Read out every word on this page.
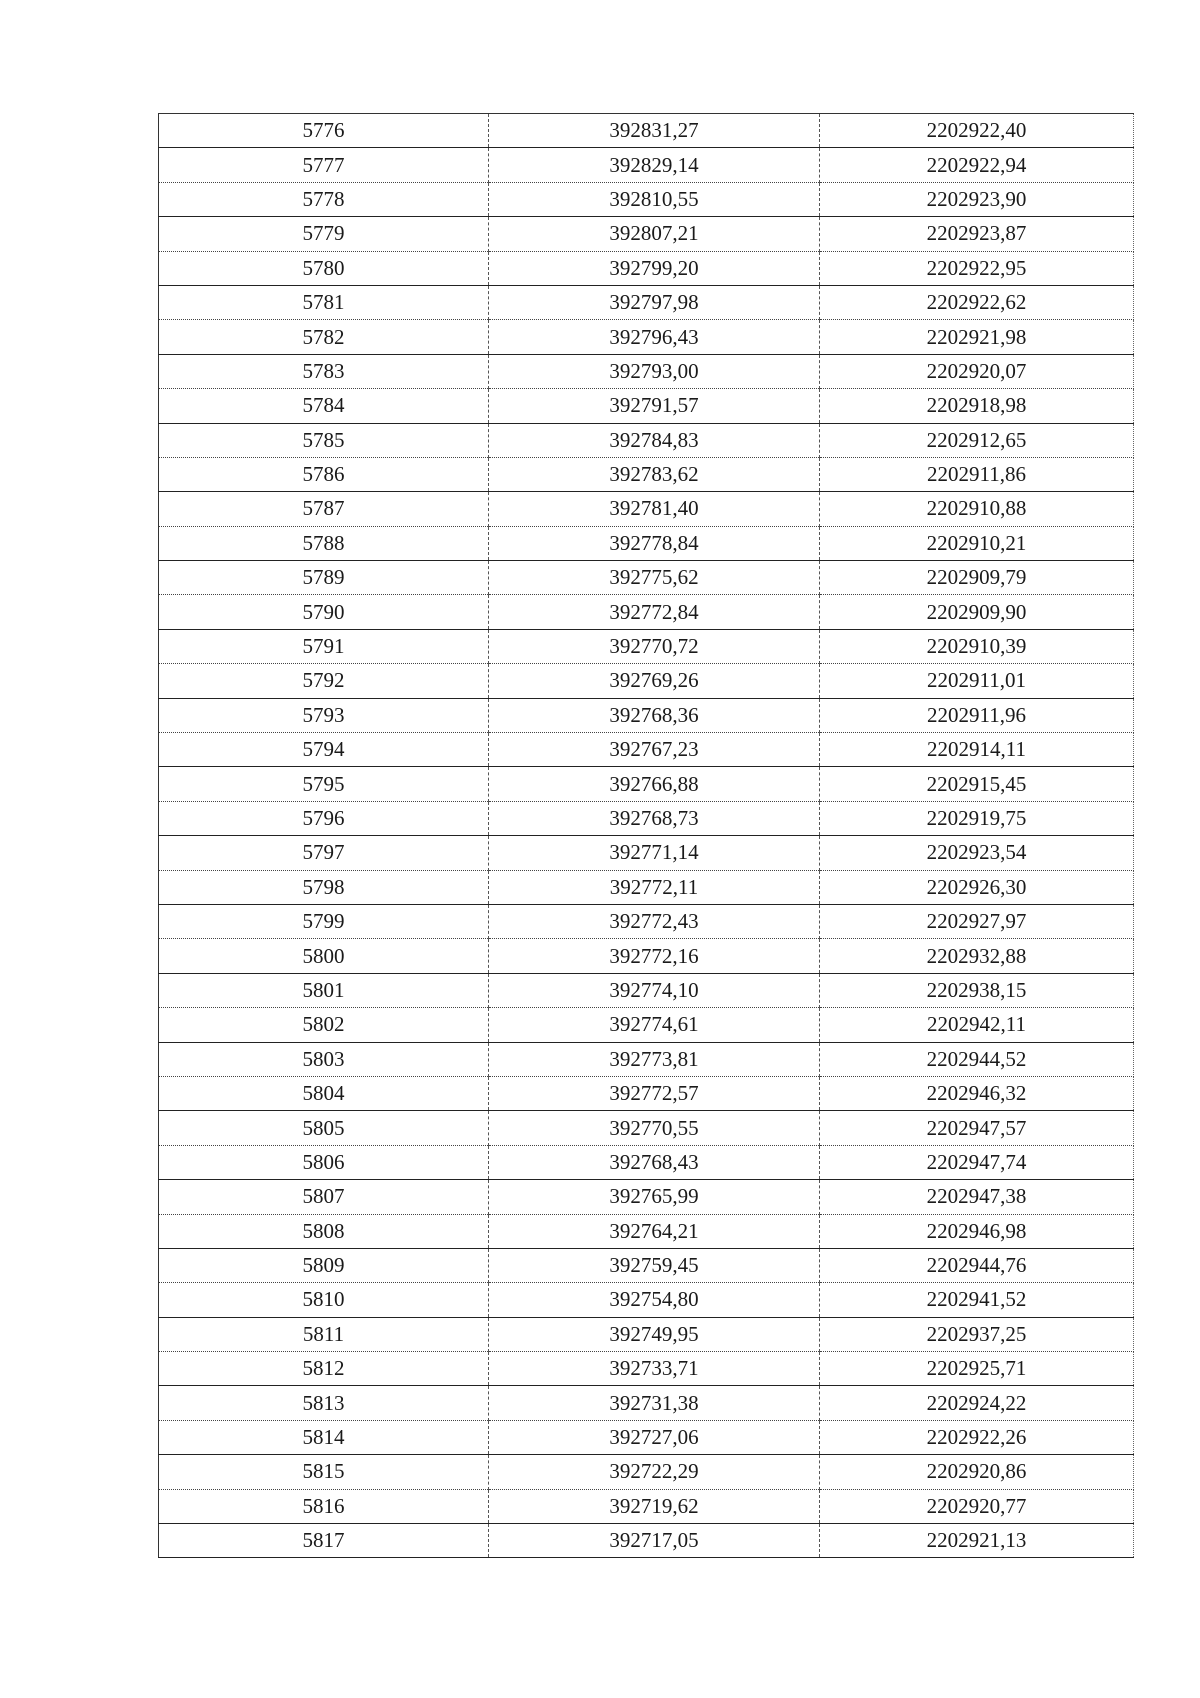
5776	392831,27	2202922,40
5777	392829,14	2202922,94
5778	392810,55	2202923,90
5779	392807,21	2202923,87
5780	392799,20	2202922,95
5781	392797,98	2202922,62
5782	392796,43	2202921,98
5783	392793,00	2202920,07
5784	392791,57	2202918,98
5785	392784,83	2202912,65
5786	392783,62	2202911,86
5787	392781,40	2202910,88
5788	392778,84	2202910,21
5789	392775,62	2202909,79
5790	392772,84	2202909,90
5791	392770,72	2202910,39
5792	392769,26	2202911,01
5793	392768,36	2202911,96
5794	392767,23	2202914,11
5795	392766,88	2202915,45
5796	392768,73	2202919,75
5797	392771,14	2202923,54
5798	392772,11	2202926,30
5799	392772,43	2202927,97
5800	392772,16	2202932,88
5801	392774,10	2202938,15
5802	392774,61	2202942,11
5803	392773,81	2202944,52
5804	392772,57	2202946,32
5805	392770,55	2202947,57
5806	392768,43	2202947,74
5807	392765,99	2202947,38
5808	392764,21	2202946,98
5809	392759,45	2202944,76
5810	392754,80	2202941,52
5811	392749,95	2202937,25
5812	392733,71	2202925,71
5813	392731,38	2202924,22
5814	392727,06	2202922,26
5815	392722,29	2202920,86
5816	392719,62	2202920,77
5817	392717,05	2202921,13
